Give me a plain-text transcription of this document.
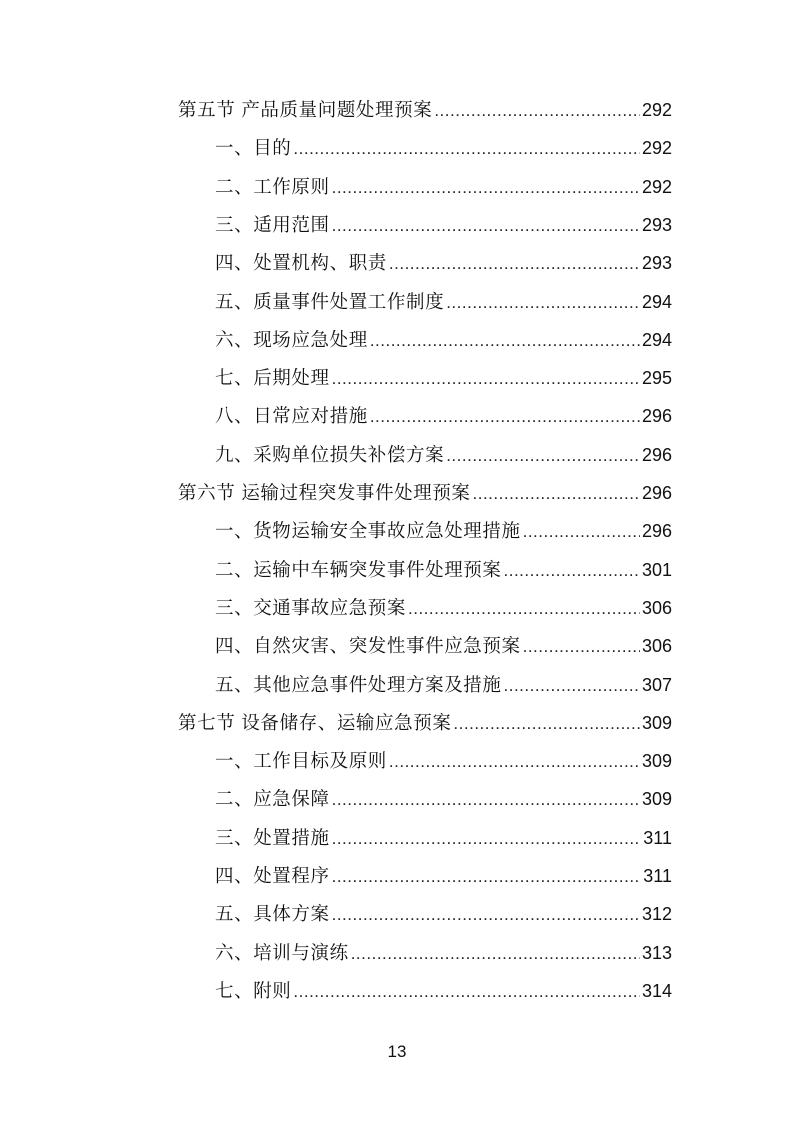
第五节 产品质量问题处理预案 .....	292
一、目的 .....	292
二、工作原则 .....	292
三、适用范围 .....	293
四、处置机构、职责 .....	293
五、质量事件处置工作制度 .....	294
六、现场应急处理 .....	294
七、后期处理 .....	295
八、日常应对措施 .....	296
九、采购单位损失补偿方案 .....	296
第六节 运输过程突发事件处理预案 .....	296
一、货物运输安全事故应急处理措施 .....	296
二、运输中车辆突发事件处理预案 .....	301
三、交通事故应急预案 .....	306
四、自然灾害、突发性事件应急预案 .....	306
五、其他应急事件处理方案及措施 .....	307
第七节 设备储存、运输应急预案 .....	309
一、工作目标及原则 .....	309
二、应急保障 .....	309
三、处置措施 .....	311
四、处置程序 .....	311
五、具体方案 .....	312
六、培训与演练 .....	313
七、附则 .....	314
13
